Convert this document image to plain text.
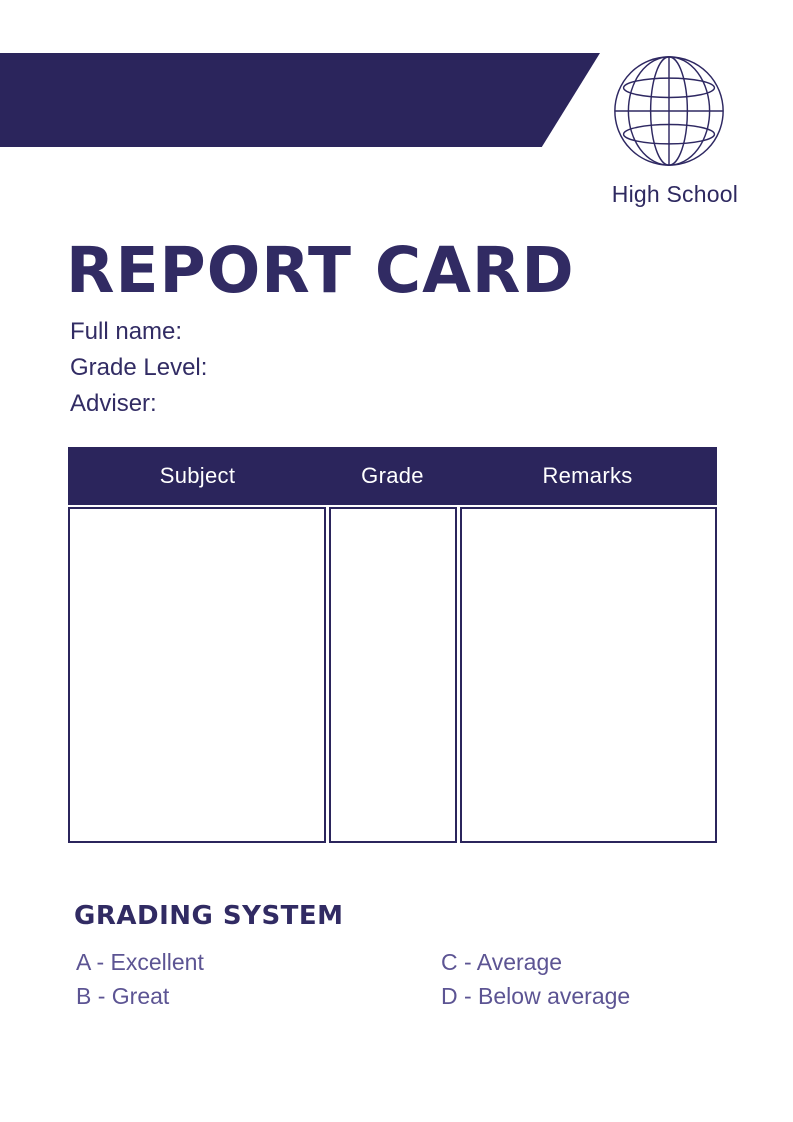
High School
REPORT CARD
Full name:
Grade Level:
Adviser:
Subject	Grade	Remarks
GRADING SYSTEM
A - Excellent
B - Great
C - Average
D - Below average
